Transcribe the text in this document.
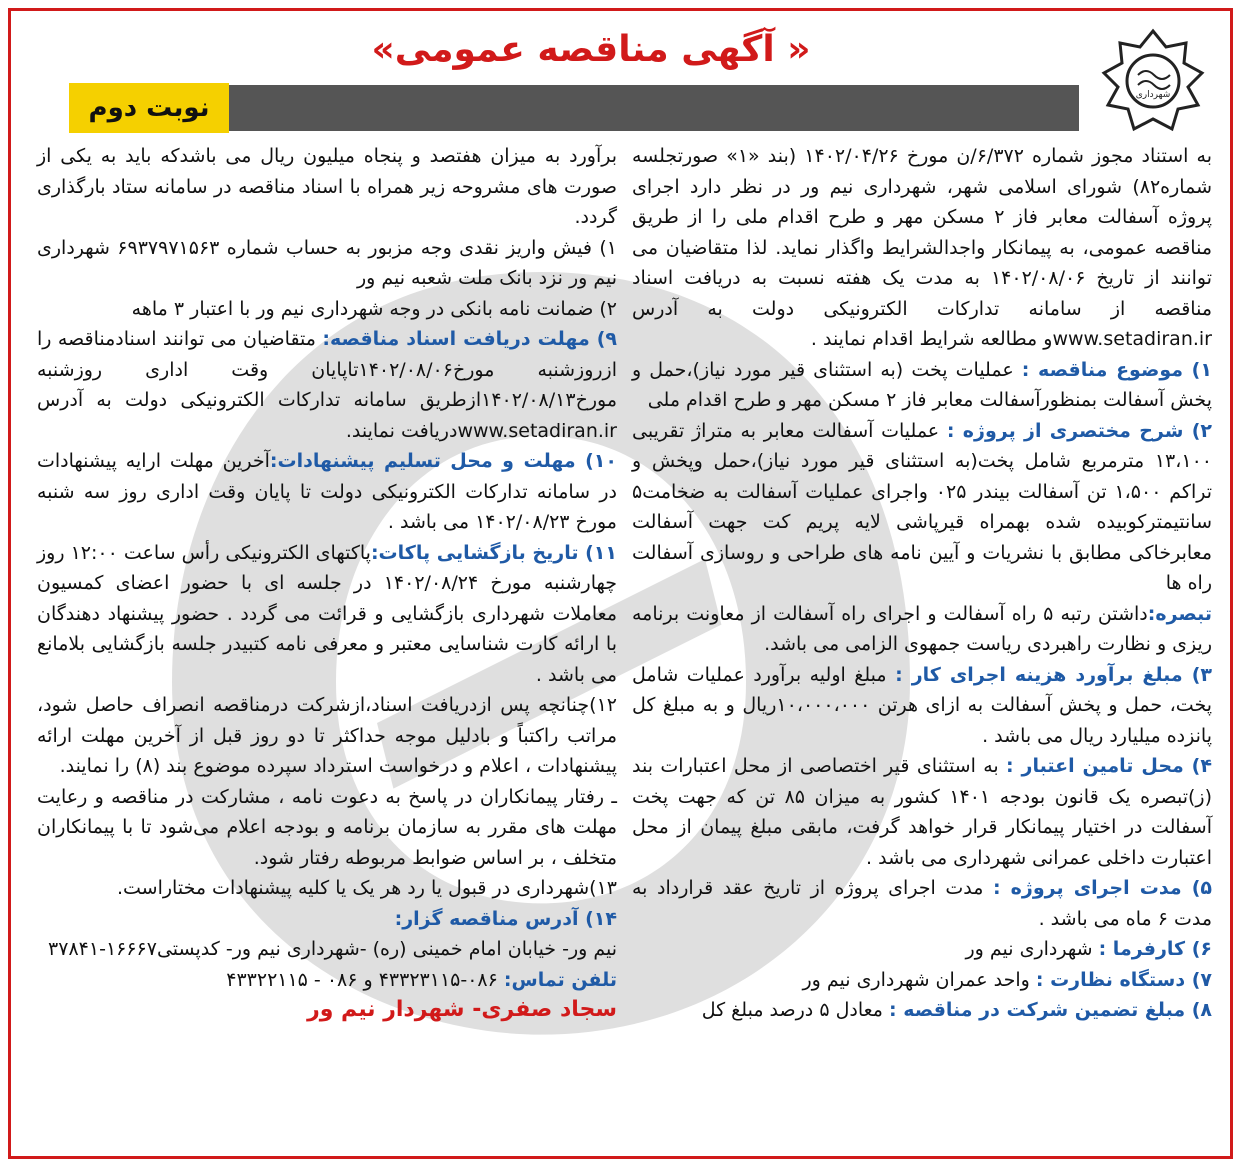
شهرداری
« آگهی مناقصه عمومی»
نوبت دوم

به استناد مجوز شماره ۶/۳۷۲/ن مورخ ۱۴۰۲/۰۴/۲۶ (بند «۱» صورتجلسه شماره۸۲) شورای اسلامی شهر، شهرداری نیم ور در نظر دارد اجرای پروژه آسفالت معابر فاز ۲ مسکن مهر و طرح اقدام ملی را از طریق مناقصه عمومی، به پیمانکار واجدالشرایط واگذار نماید. لذا متقاضیان می توانند از تاریخ ۱۴۰۲/۰۸/۰۶ به مدت یک هفته نسبت به دریافت اسناد مناقصه از سامانه تدارکات الکترونیکی دولت به آدرس www.setadiran.irو مطالعه شرایط اقدام نمایند .

۱) موضوع مناقصه : عملیات پخت (به استثنای قیر مورد نیاز)،حمل و پخش آسفالت بمنظورآسفالت معابر فاز ۲ مسکن مهر و طرح اقدام ملی

۲) شرح مختصری از پروژه : عملیات آسفالت معابر به متراژ تقریبی ۱۳،۱۰۰ مترمربع شامل پخت(به استثنای قیر مورد نیاز)،حمل وپخش و تراکم ۱،۵۰۰ تن آسفالت بیندر ۰۲۵ واجرای عملیات آسفالت به ضخامت۵ سانتیمترکوبیده شده بهمراه قیرپاشی لایه پریم کت جهت آسفالت معابرخاکی مطابق با نشریات و آیین نامه های طراحی و روسازی آسفالت راه ها

تبصره:داشتن رتبه ۵ راه آسفالت و اجرای راه آسفالت از معاونت برنامه ریزی و نظارت راهبردی ریاست جمهوی الزامی می باشد.

۳) مبلغ برآورد هزینه اجرای کار : مبلغ اولیه برآورد عملیات شامل پخت، حمل و پخش آسفالت به ازای هرتن ۱۰،۰۰۰،۰۰۰ریال و به مبلغ کل پانزده میلیارد ریال می باشد .

۴) محل تامین اعتبار : به استثنای قیر اختصاصی از محل اعتبارات بند (ز)تبصره یک قانون بودجه ۱۴۰۱ کشور به میزان ۸۵ تن که جهت پخت آسفالت در اختیار پیمانکار قرار خواهد گرفت، مابقی مبلغ پیمان از محل اعتبارت داخلی عمرانی شهرداری می باشد .

۵) مدت اجرای پروژه : مدت اجرای پروژه از تاریخ عقد قرارداد به مدت ۶ ماه می باشد .

۶) کارفرما : شهرداری نیم ور

۷) دستگاه نظارت : واحد عمران شهرداری نیم ور

۸) مبلغ تضمین شرکت در مناقصه : معادل ۵ درصد مبلغ کل

برآورد به میزان هفتصد و پنجاه میلیون ریال می باشدکه باید به یکی از صورت های مشروحه زیر همراه با اسناد مناقصه در سامانه ستاد بارگذاری گردد.

۱) فیش واریز نقدی وجه مزبور به حساب شماره ۶۹۳۷۹۷۱۵۶۳ شهرداری نیم ور نزد بانک ملت شعبه نیم ور

۲) ضمانت نامه بانکی در وجه شهرداری نیم ور با اعتبار ۳ ماهه

۹) مهلت دریافت اسناد مناقصه: متقاضیان می توانند اسنادمناقصه را ازروزشنبه مورخ۱۴۰۲/۰۸/۰۶تاپایان وقت اداری روزشنبه مورخ۱۴۰۲/۰۸/۱۳ازطریق سامانه تدارکات الکترونیکی دولت به آدرس www.setadiran.irدریافت نمایند.

۱۰) مهلت و محل تسلیم پیشنهادات:آخرین مهلت ارایه پیشنهادات در سامانه تدارکات الکترونیکی دولت تا پایان وقت اداری روز سه شنبه مورخ ۱۴۰۲/۰۸/۲۳ می باشد .

۱۱) تاریخ بازگشایی پاکات:پاکتهای الکترونیکی رأس ساعت ۱۲:۰۰ روز چهارشنبه مورخ ۱۴۰۲/۰۸/۲۴ در جلسه ای با حضور اعضای کمسیون معاملات شهرداری بازگشایی و قرائت می گردد . حضور پیشنهاد دهندگان با ارائه کارت شناسایی معتبر و معرفی نامه کتبیدر جلسه بازگشایی بلامانع می باشد .

۱۲)چنانچه پس ازدریافت اسناد،ازشرکت درمناقصه انصراف حاصل شود، مراتب راکتباً و بادلیل موجه حداکثر تا دو روز قبل از آخرین مهلت ارائه پیشنهادات ، اعلام و درخواست استرداد سپرده موضوع بند (۸) را نمایند.

ـ رفتار پیمانکاران در پاسخ به دعوت نامه ، مشارکت در مناقصه و رعایت مهلت های مقرر به سازمان برنامه و بودجه اعلام می‌شود تا با پیمانکاران متخلف ، بر اساس ضوابط مربوطه رفتار شود.

۱۳)شهرداری در قبول یا رد هر یک یا کلیه پیشنهادات مختاراست.

۱۴) آدرس مناقصه گزار:

نیم ور- خیابان امام خمینی (ره) -شهرداری نیم ور- کدپستی۱۶۶۶۷-۳۷۸۴۱

تلفن تماس: ۰۸۶-۴۳۳۲۳۱۱۵ و ۰۸۶ - ۴۳۳۲۲۱۱۵

سجاد صفری- شهردار نیم ور
